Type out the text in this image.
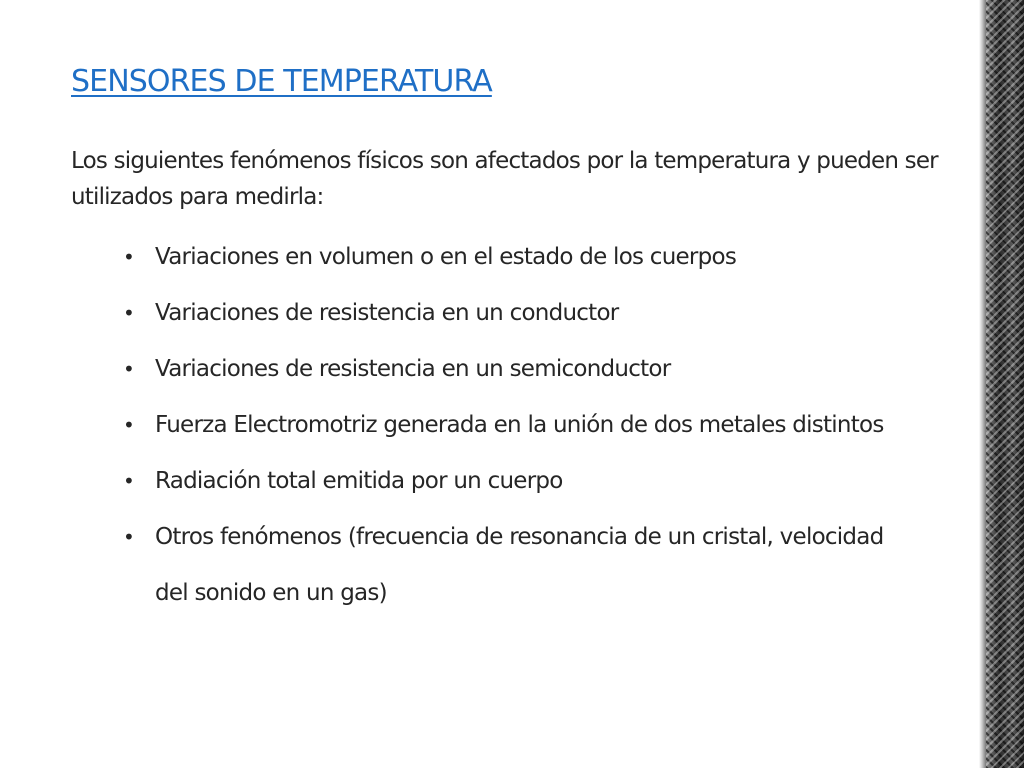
SENSORES DE TEMPERATURA

Los siguientes fenómenos físicos son afectados por la temperatura y pueden ser utilizados para medirla:

• Variaciones en volumen o en el estado de los cuerpos
• Variaciones de resistencia en un conductor
• Variaciones de resistencia en un semiconductor
• Fuerza Electromotriz generada en la unión de dos metales distintos
• Radiación total emitida por un cuerpo
• Otros fenómenos (frecuencia de resonancia de un cristal, velocidad del sonido en un gas)
